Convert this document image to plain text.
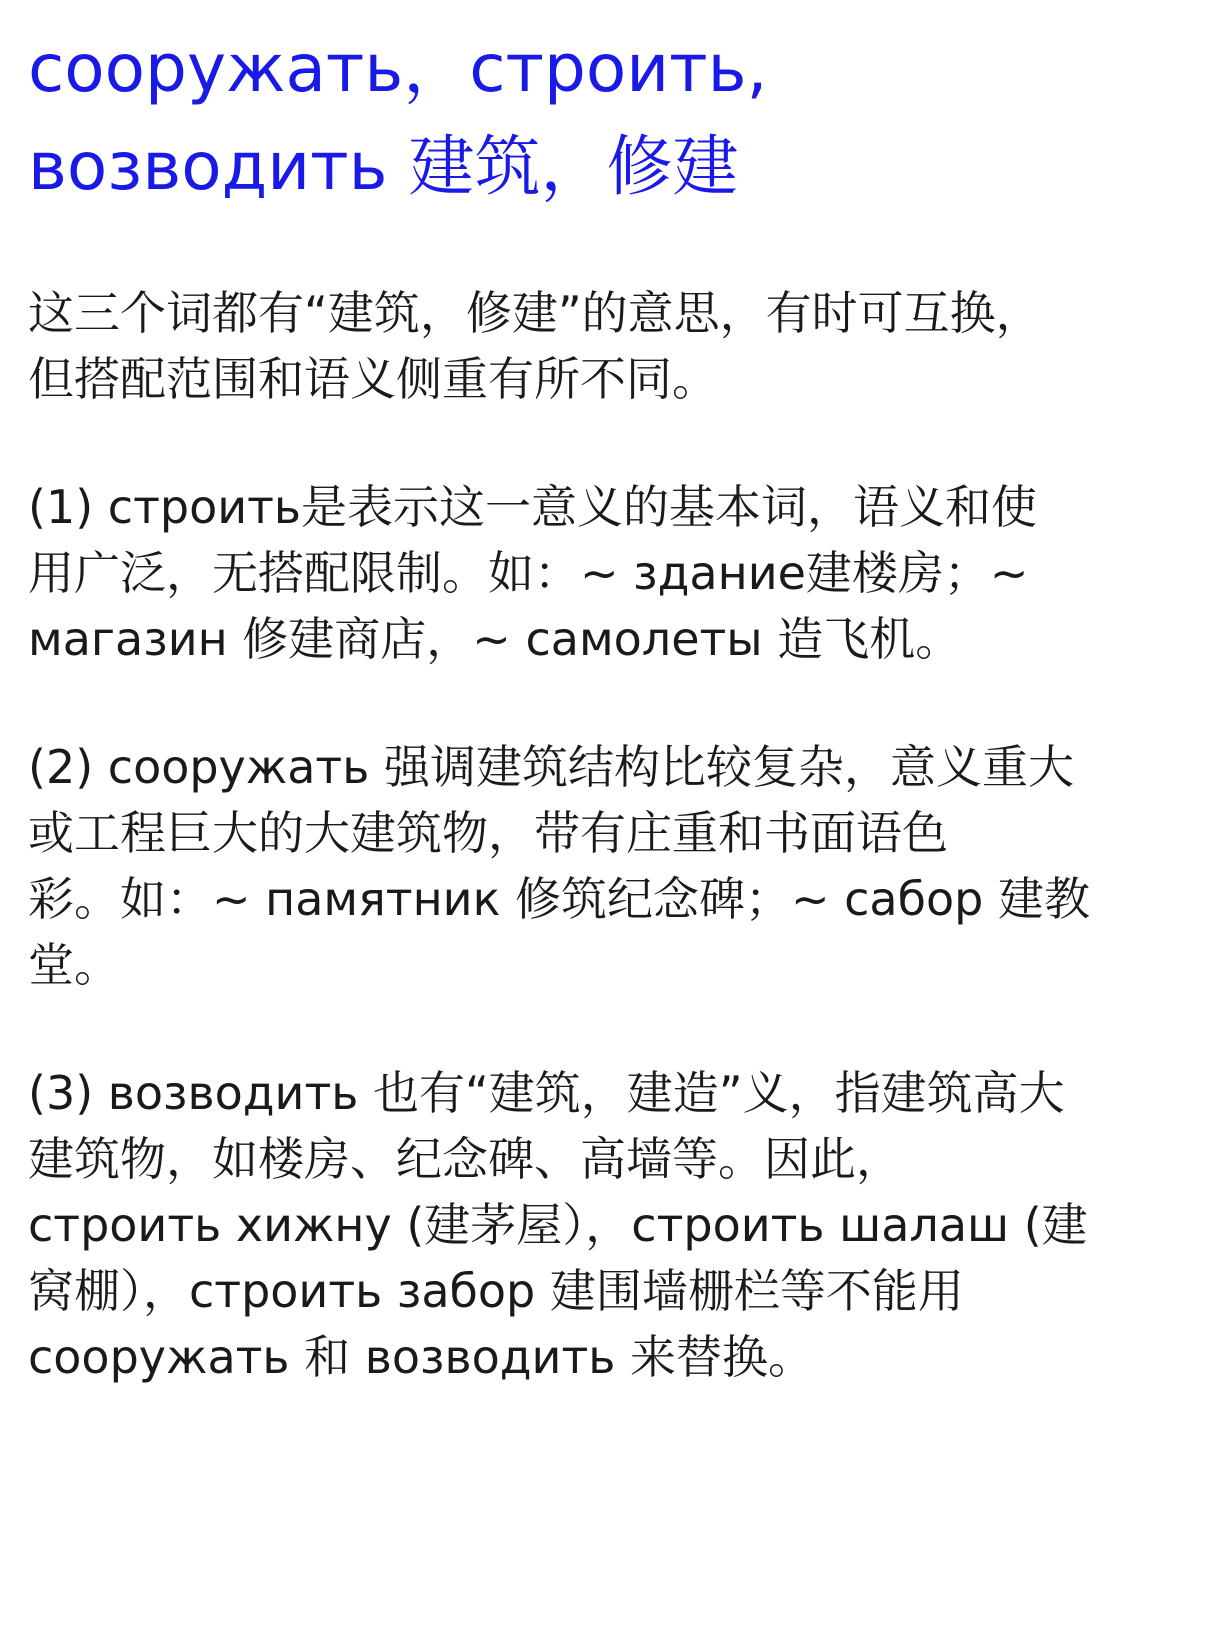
сооружать，строить,
возводить 建筑，修建

这三个词都有“建筑，修建”的意思，有时可互换，
但搭配范围和语义侧重有所不同。

(1) строить是表示这一意义的基本词，语义和使
用广泛，无搭配限制。如：~ здание建楼房；~
магазин 修建商店，~ самолеты 造飞机。

(2) сооружать 强调建筑结构比较复杂，意义重大
或工程巨大的大建筑物，带有庄重和书面语色
彩。如：~ памятник 修筑纪念碑；~ сабор 建教
堂。

(3) возводить 也有“建筑，建造”义，指建筑高大
建筑物，如楼房、纪念碑、高墙等。因此，
строить хижну (建茅屋），строить шалаш (建
窝棚），строить забор 建围墙栅栏等不能用
сооружать 和 возводить 来替换。
